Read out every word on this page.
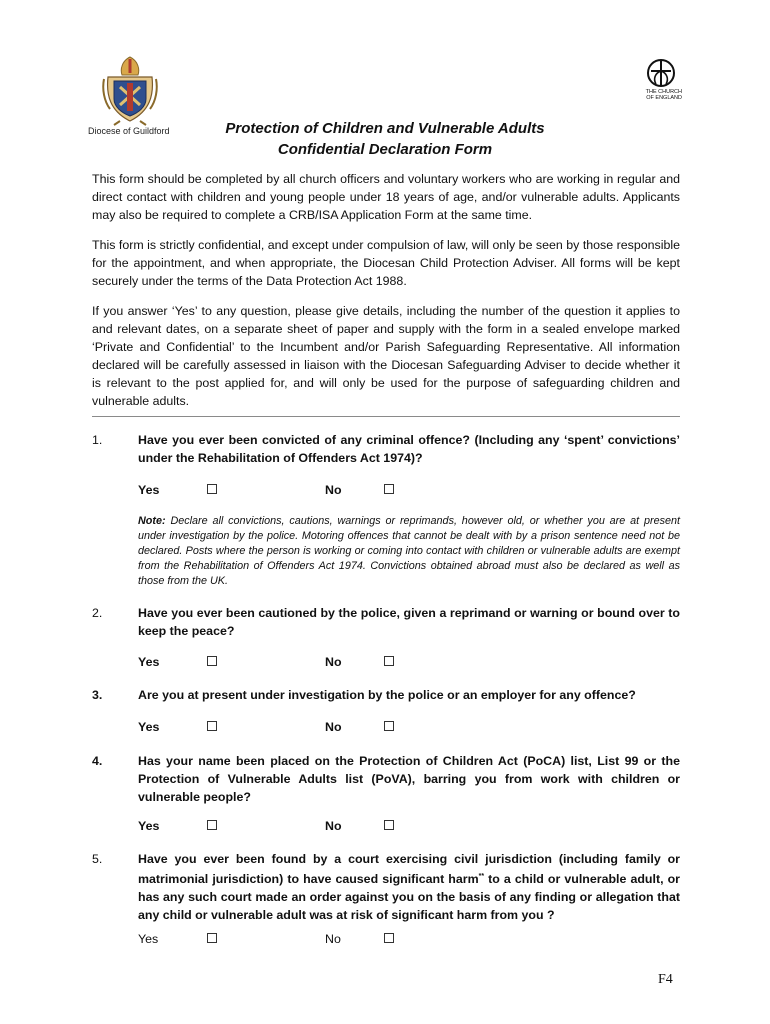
Diocese of Guildford
THE CHURCH
OF ENGLAND
Protection of Children and Vulnerable Adults
Confidential Declaration Form

This form should be completed by all church officers and voluntary workers who are working in regular and direct contact with children and young people under 18 years of age, and/or vulnerable adults. Applicants may also be required to complete a CRB/ISA Application Form at the same time.

This form is strictly confidential, and except under compulsion of law, will only be seen by those responsible for the appointment, and when appropriate, the Diocesan Child Protection Adviser. All forms will be kept securely under the terms of the Data Protection Act 1988.

If you answer ‘Yes’ to any question, please give details, including the number of the question it applies to and relevant dates, on a separate sheet of paper and supply with the form in a sealed envelope marked ‘Private and Confidential’ to the Incumbent and/or Parish Safeguarding Representative. All information declared will be carefully assessed in liaison with the Diocesan Safeguarding Adviser to decide whether it is relevant to the post applied for, and will only be used for the purpose of safeguarding children and vulnerable adults.

1.	Have you ever been convicted of any criminal offence? (Including any ‘spent’ convictions’ under the Rehabilitation of Offenders Act 1974)?
Yes	No
Note: Declare all convictions, cautions, warnings or reprimands, however old, or whether you are at present under investigation by the police. Motoring offences that cannot be dealt with by a prison sentence need not be declared. Posts where the person is working or coming into contact with children or vulnerable adults are exempt from the Rehabilitation of Offenders Act 1974. Convictions obtained abroad must also be declared as well as those from the UK.
2.	Have you ever been cautioned by the police, given a reprimand or warning or bound over to keep the peace?
Yes	No
3.	Are you at present under investigation by the police or an employer for any offence?
Yes	No
4.	Has your name been placed on the Protection of Children Act (PoCA) list, List 99 or the Protection of Vulnerable Adults list (PoVA), barring you from work with children or vulnerable people?
Yes	No
5.	Have you ever been found by a court exercising civil jurisdiction (including family or matrimonial jurisdiction) to have caused significant harm** to a child or vulnerable adult, or has any such court made an order against you on the basis of any finding or allegation that any child or vulnerable adult was at risk of significant harm from you ?
Yes	No
F4
